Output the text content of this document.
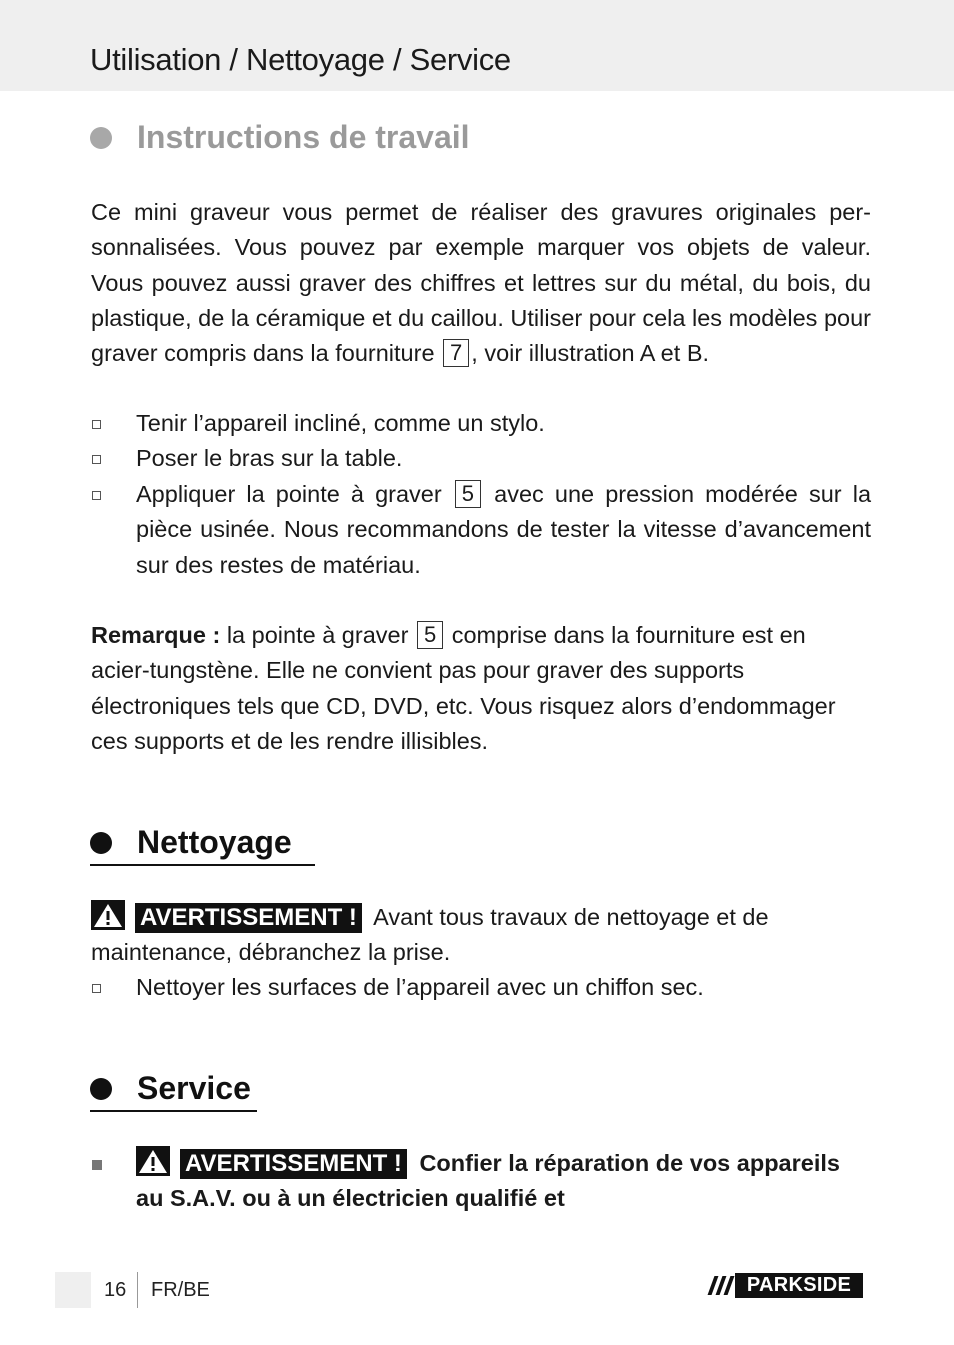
Utilisation / Nettoyage / Service
Instructions de travail
Ce mini graveur vous permet de réaliser des gravures originales per-sonnalisées. Vous pouvez par exemple marquer vos objets de valeur. Vous pouvez aussi graver des chiffres et lettres sur du métal, du bois, du plastique, de la céramique et du caillou. Utiliser pour cela les modèles pour graver compris dans la fourniture 7 , voir illustration A et B.
Tenir l’appareil incliné, comme un stylo.
Poser le bras sur la table.
Appliquer la pointe à graver 5 avec une pression modérée sur la pièce usinée. Nous recommandons de tester la vitesse d’avancement sur des restes de matériau.
Remarque : la pointe à graver 5 comprise dans la fourniture est en acier-tungstène. Elle ne convient pas pour graver des supports électroniques tels que CD, DVD, etc. Vous risquez alors d’endommager ces supports et de les rendre illisibles.
Nettoyage
AVERTISSEMENT ! Avant tous travaux de nettoyage et de maintenance, débranchez la prise.
Nettoyer les surfaces de l’appareil avec un chiffon sec.
Service
AVERTISSEMENT ! Confier la réparation de vos appareils au S.A.V. ou à un électricien qualifié et
16 FR/BE	PARKSIDE
